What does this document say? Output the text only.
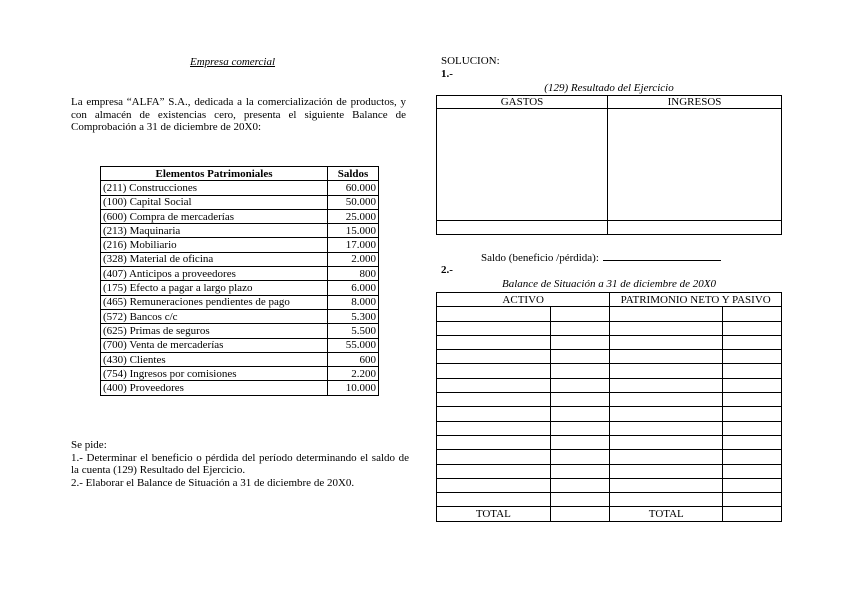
Empresa comercial
La empresa “ALFA” S.A., dedicada a la comercialización de productos, y con almacén de existencias cero, presenta el siguiente Balance de Comprobación a 31 de diciembre de 20X0:
Elementos Patrimoniales	Saldos
(211) Construcciones	60.000
(100) Capital Social	50.000
(600) Compra de mercaderías	25.000
(213) Maquinaria	15.000
(216) Mobiliario	17.000
(328) Material de oficina	2.000
(407) Anticipos a proveedores	800
(175) Efecto a pagar a largo plazo	6.000
(465) Remuneraciones pendientes de pago	8.000
(572) Bancos c/c	5.300
(625) Primas de seguros	5.500
(700) Venta de mercaderías	55.000
(430) Clientes	600
(754) Ingresos por comisiones	2.200
(400) Proveedores	10.000
Se pide:
1.- Determinar el beneficio o pérdida del período determinando el saldo de la cuenta (129) Resultado del Ejercicio.
2.- Elaborar el Balance de Situación a 31 de diciembre de 20X0.
SOLUCION:
1.-
(129) Resultado del Ejercicio
GASTOS	INGRESOS
Saldo (beneficio /pérdida):
2.-
Balance de Situación a 31 de diciembre de 20X0
ACTIVO		PATRIMONIO NETO Y PASIVO	

TOTAL		TOTAL	
